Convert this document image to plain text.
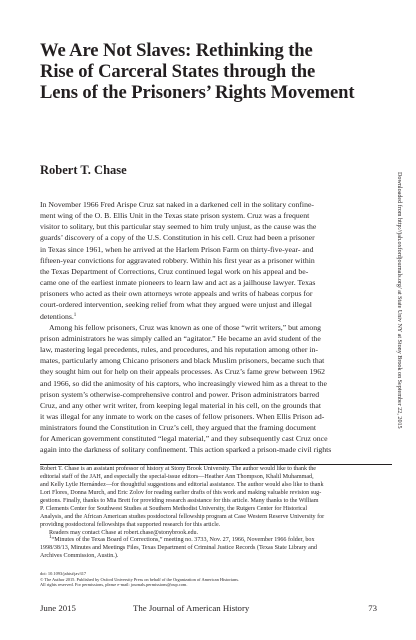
We Are Not Slaves: Rethinking the
Rise of Carceral States through the
Lens of the Prisoners’ Rights Movement
Robert T. Chase
In November 1966 Fred Arispe Cruz sat naked in a darkened cell in the solitary confine-
ment wing of the O. B. Ellis Unit in the Texas state prison system. Cruz was a frequent
visitor to solitary, but this particular stay seemed to him truly unjust, as the cause was the
guards’ discovery of a copy of the U.S. Constitution in his cell. Cruz had been a prisoner
in Texas since 1961, when he arrived at the Harlem Prison Farm on thirty-five-year- and
fifteen-year convictions for aggravated robbery. Within his first year as a prisoner within
the Texas Department of Corrections, Cruz continued legal work on his appeal and be-
came one of the earliest inmate pioneers to learn law and act as a jailhouse lawyer. Texas
prisoners who acted as their own attorneys wrote appeals and writs of habeas corpus for
court-ordered intervention, seeking relief from what they argued were unjust and illegal
detentions.$^1$
Among his fellow prisoners, Cruz was known as one of those “writ writers,” but among
prison administrators he was simply called an “agitator.” He became an avid student of the
law, mastering legal precedents, rules, and procedures, and his reputation among other in-
mates, particularly among Chicano prisoners and black Muslim prisoners, became such that
they sought him out for help on their appeals processes. As Cruz’s fame grew between 1962
and 1966, so did the animosity of his captors, who increasingly viewed him as a threat to the
prison system’s otherwise-comprehensive control and power. Prison administrators barred
Cruz, and any other writ writer, from keeping legal material in his cell, on the grounds that
it was illegal for any inmate to work on the cases of fellow prisoners. When Ellis Prison ad-
ministrators found the Constitution in Cruz’s cell, they argued that the framing document
for American government constituted “legal material,” and they subsequently cast Cruz once
again into the darkness of solitary confinement. This action sparked a prison-made civil rights
Robert T. Chase is an assistant professor of history at Stony Brook University. The author would like to thank the
editorial staff of the JAH, and especially the special-issue editors—Heather Ann Thompson, Khalil Muhammad,
and Kelly Lytle Hernández—for thoughtful suggestions and editorial assistance. The author would also like to thank
Lori Flores, Donna Murch, and Eric Zolov for reading earlier drafts of this work and making valuable revision sug-
gestions. Finally, thanks to Mia Brett for providing research assistance for this article. Many thanks to the William
P. Clements Center for Southwest Studies at Southern Methodist University, the Rutgers Center for Historical
Analysis, and the African American studies postdoctoral fellowship program at Case Western Reserve University for
providing postdoctoral fellowships that supported research for this article.
Readers may contact Chase at robert.chase@stonybrook.edu.
$^1$“Minutes of the Texas Board of Corrections,” meeting no. 3733, Nov. 27, 1966, November 1966 folder, box
1998/38/13, Minutes and Meetings Files, Texas Department of Criminal Justice Records (Texas State Library and
Archives Commission, Austin.).
doi: 10.1093/jahist/jav317
© The Author 2015. Published by Oxford University Press on behalf of the Organization of American Historians.
All rights reserved. For permissions, please e-mail: journals.permissions@oup.com.
June 2015	The Journal of American History	73
Downloaded from http://jah.oxfordjournals.org/ at State Univ NY at Stony Brook on September 22, 2015
